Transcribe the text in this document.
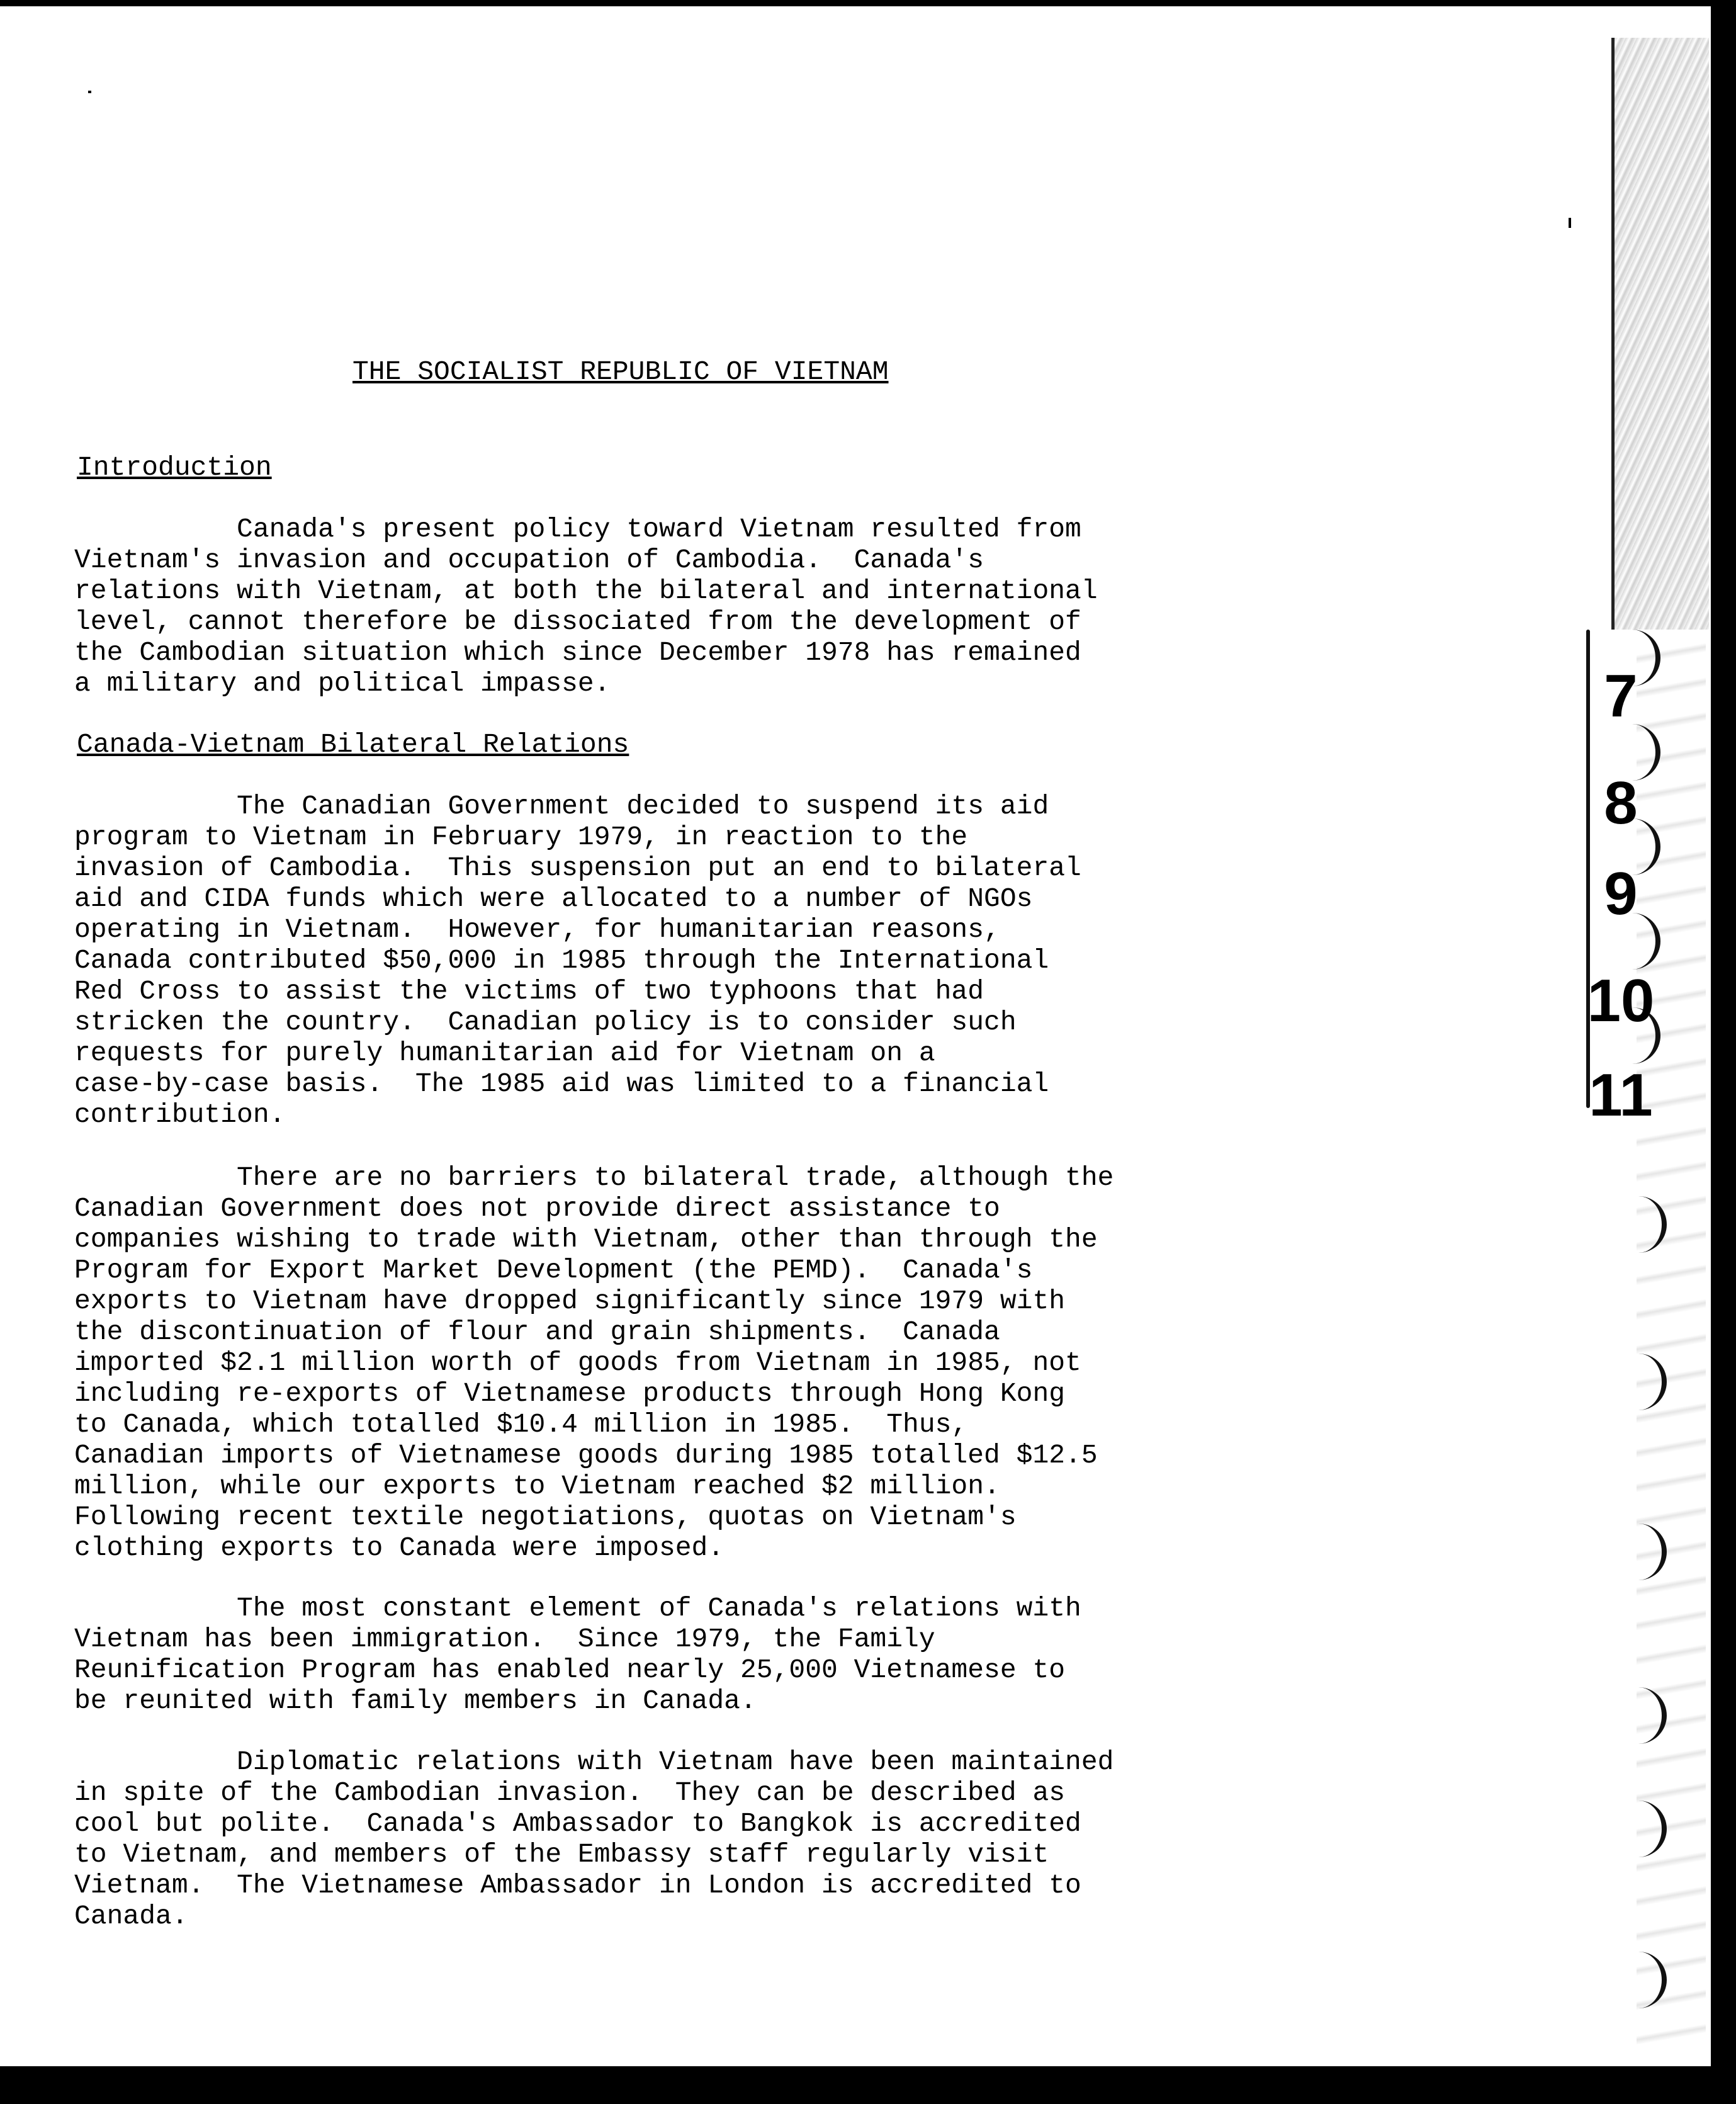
7
8
9
10
11
THE SOCIALIST REPUBLIC OF VIETNAM
Introduction
Canada's present policy toward Vietnam resulted from
Vietnam's invasion and occupation of Cambodia.  Canada's
relations with Vietnam, at both the bilateral and international
level, cannot therefore be dissociated from the development of
the Cambodian situation which since December 1978 has remained
a military and political impasse.
Canada-Vietnam Bilateral Relations
The Canadian Government decided to suspend its aid
program to Vietnam in February 1979, in reaction to the
invasion of Cambodia.  This suspension put an end to bilateral
aid and CIDA funds which were allocated to a number of NGOs
operating in Vietnam.  However, for humanitarian reasons,
Canada contributed $50,000 in 1985 through the International
Red Cross to assist the victims of two typhoons that had
stricken the country.  Canadian policy is to consider such
requests for purely humanitarian aid for Vietnam on a
case-by-case basis.  The 1985 aid was limited to a financial
contribution.
There are no barriers to bilateral trade, although the
Canadian Government does not provide direct assistance to
companies wishing to trade with Vietnam, other than through the
Program for Export Market Development (the PEMD).  Canada's
exports to Vietnam have dropped significantly since 1979 with
the discontinuation of flour and grain shipments.  Canada
imported $2.1 million worth of goods from Vietnam in 1985, not
including re-exports of Vietnamese products through Hong Kong
to Canada, which totalled $10.4 million in 1985.  Thus,
Canadian imports of Vietnamese goods during 1985 totalled $12.5
million, while our exports to Vietnam reached $2 million.
Following recent textile negotiations, quotas on Vietnam's
clothing exports to Canada were imposed.
The most constant element of Canada's relations with
Vietnam has been immigration.  Since 1979, the Family
Reunification Program has enabled nearly 25,000 Vietnamese to
be reunited with family members in Canada.
Diplomatic relations with Vietnam have been maintained
in spite of the Cambodian invasion.  They can be described as
cool but polite.  Canada's Ambassador to Bangkok is accredited
to Vietnam, and members of the Embassy staff regularly visit
Vietnam.  The Vietnamese Ambassador in London is accredited to
Canada.
